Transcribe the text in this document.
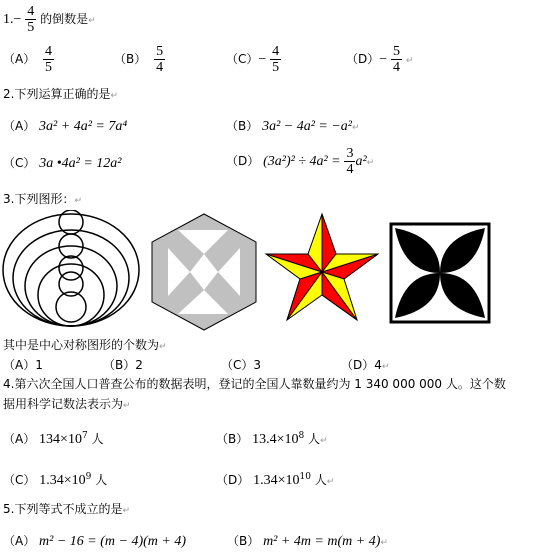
$1.- \frac{4}{5}$ 的倒数是↵
$(A) \frac{4}{5}$	$(B) \frac{5}{4}$	$(C)- \frac{4}{5}$	$(D)- \frac{5}{4}$ ↵
2.下列运算正确的是↵
（A） 3a² + 4a² = 7a⁴	（B） 3a² − 4a² = −a²↵
（C） 3a •4a² = 12a²	（D） $(3a^2)^2 \div 4a^2 = \frac{3}{4}$ a²↵
3.下列图形：↵
其中是中心对称图形的个数为↵
（A）1	（B）2	（C）3	（D）4↵
4.第六次全国人口普查公布的数据表明，登记的全国人靠数量约为 1 340 000 000 人。这个数
据用科学记数法表示为↵
（A） $134\times 10^7$ 人	（B） $13.4\times 10^8$ 人↵
（C） $1.34\times 10^9$ 人	（D） $1.34\times 10^{10}$ 人↵
5.下列等式不成立的是↵
（A） m² − 16 = (m − 4)(m + 4)	（B） m² + 4m = m(m + 4)↵
